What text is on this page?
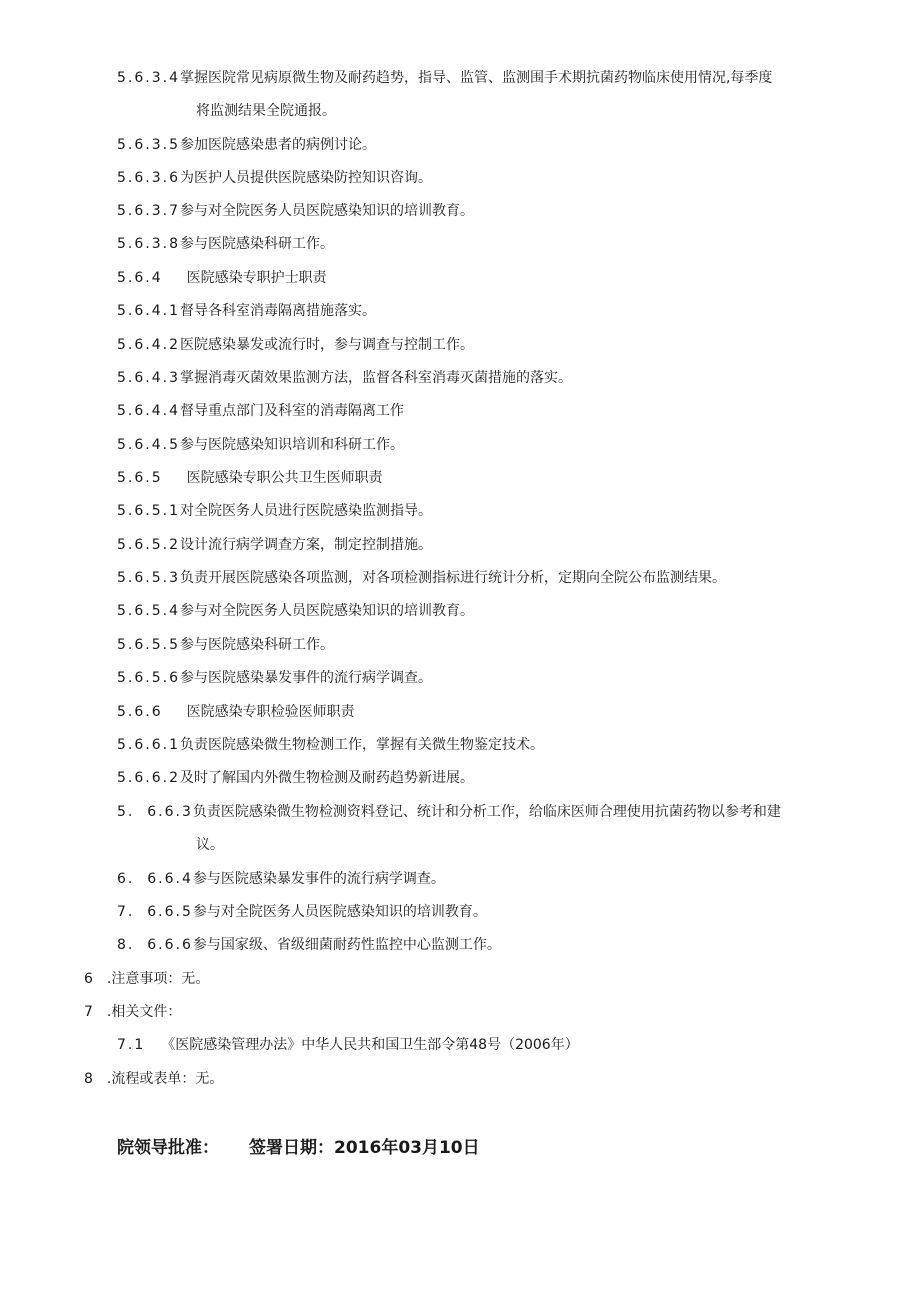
5.6.3.4掌握医院常见病原微生物及耐药趋势，指导、监管、监测围手术期抗菌药物临床使用情况,每季度
将监测结果全院通报。
5.6.3.5参加医院感染患者的病例讨论。
5.6.3.6为医护人员提供医院感染防控知识咨询。
5.6.3.7参与对全院医务人员医院感染知识的培训教育。
5.6.3.8参与医院感染科研工作。
5.6.4 医院感染专职护士职责
5.6.4.1督导各科室消毒隔离措施落实。
5.6.4.2医院感染暴发或流行时，参与调查与控制工作。
5.6.4.3掌握消毒灭菌效果监测方法，监督各科室消毒灭菌措施的落实。
5.6.4.4督导重点部门及科室的消毒隔离工作
5.6.4.5参与医院感染知识培训和科研工作。
5.6.5 医院感染专职公共卫生医师职责
5.6.5.1对全院医务人员进行医院感染监测指导。
5.6.5.2设计流行病学调查方案，制定控制措施。
5.6.5.3负责开展医院感染各项监测，对各项检测指标进行统计分析，定期向全院公布监测结果。
5.6.5.4参与对全院医务人员医院感染知识的培训教育。
5.6.5.5参与医院感染科研工作。
5.6.5.6参与医院感染暴发事件的流行病学调查。
5.6.6 医院感染专职检验医师职责
5.6.6.1负责医院感染微生物检测工作，掌握有关微生物鉴定技术。
5.6.6.2及时了解国内外微生物检测及耐药趋势新进展。
5.  6.6.3负责医院感染微生物检测资料登记、统计和分析工作，给临床医师合理使用抗菌药物以参考和建
议。
6.  6.6.4参与医院感染暴发事件的流行病学调查。
7.  6.6.5参与对全院医务人员医院感染知识的培训教育。
8.  6.6.6参与国家级、省级细菌耐药性监控中心监测工作。
6 .注意事项：无。
7 .相关文件：
7.1 《医院感染管理办法》中华人民共和国卫生部令第48号（2006年）
8 .流程或表单：无。
院领导批准： 签署日期：2016年03月10日
